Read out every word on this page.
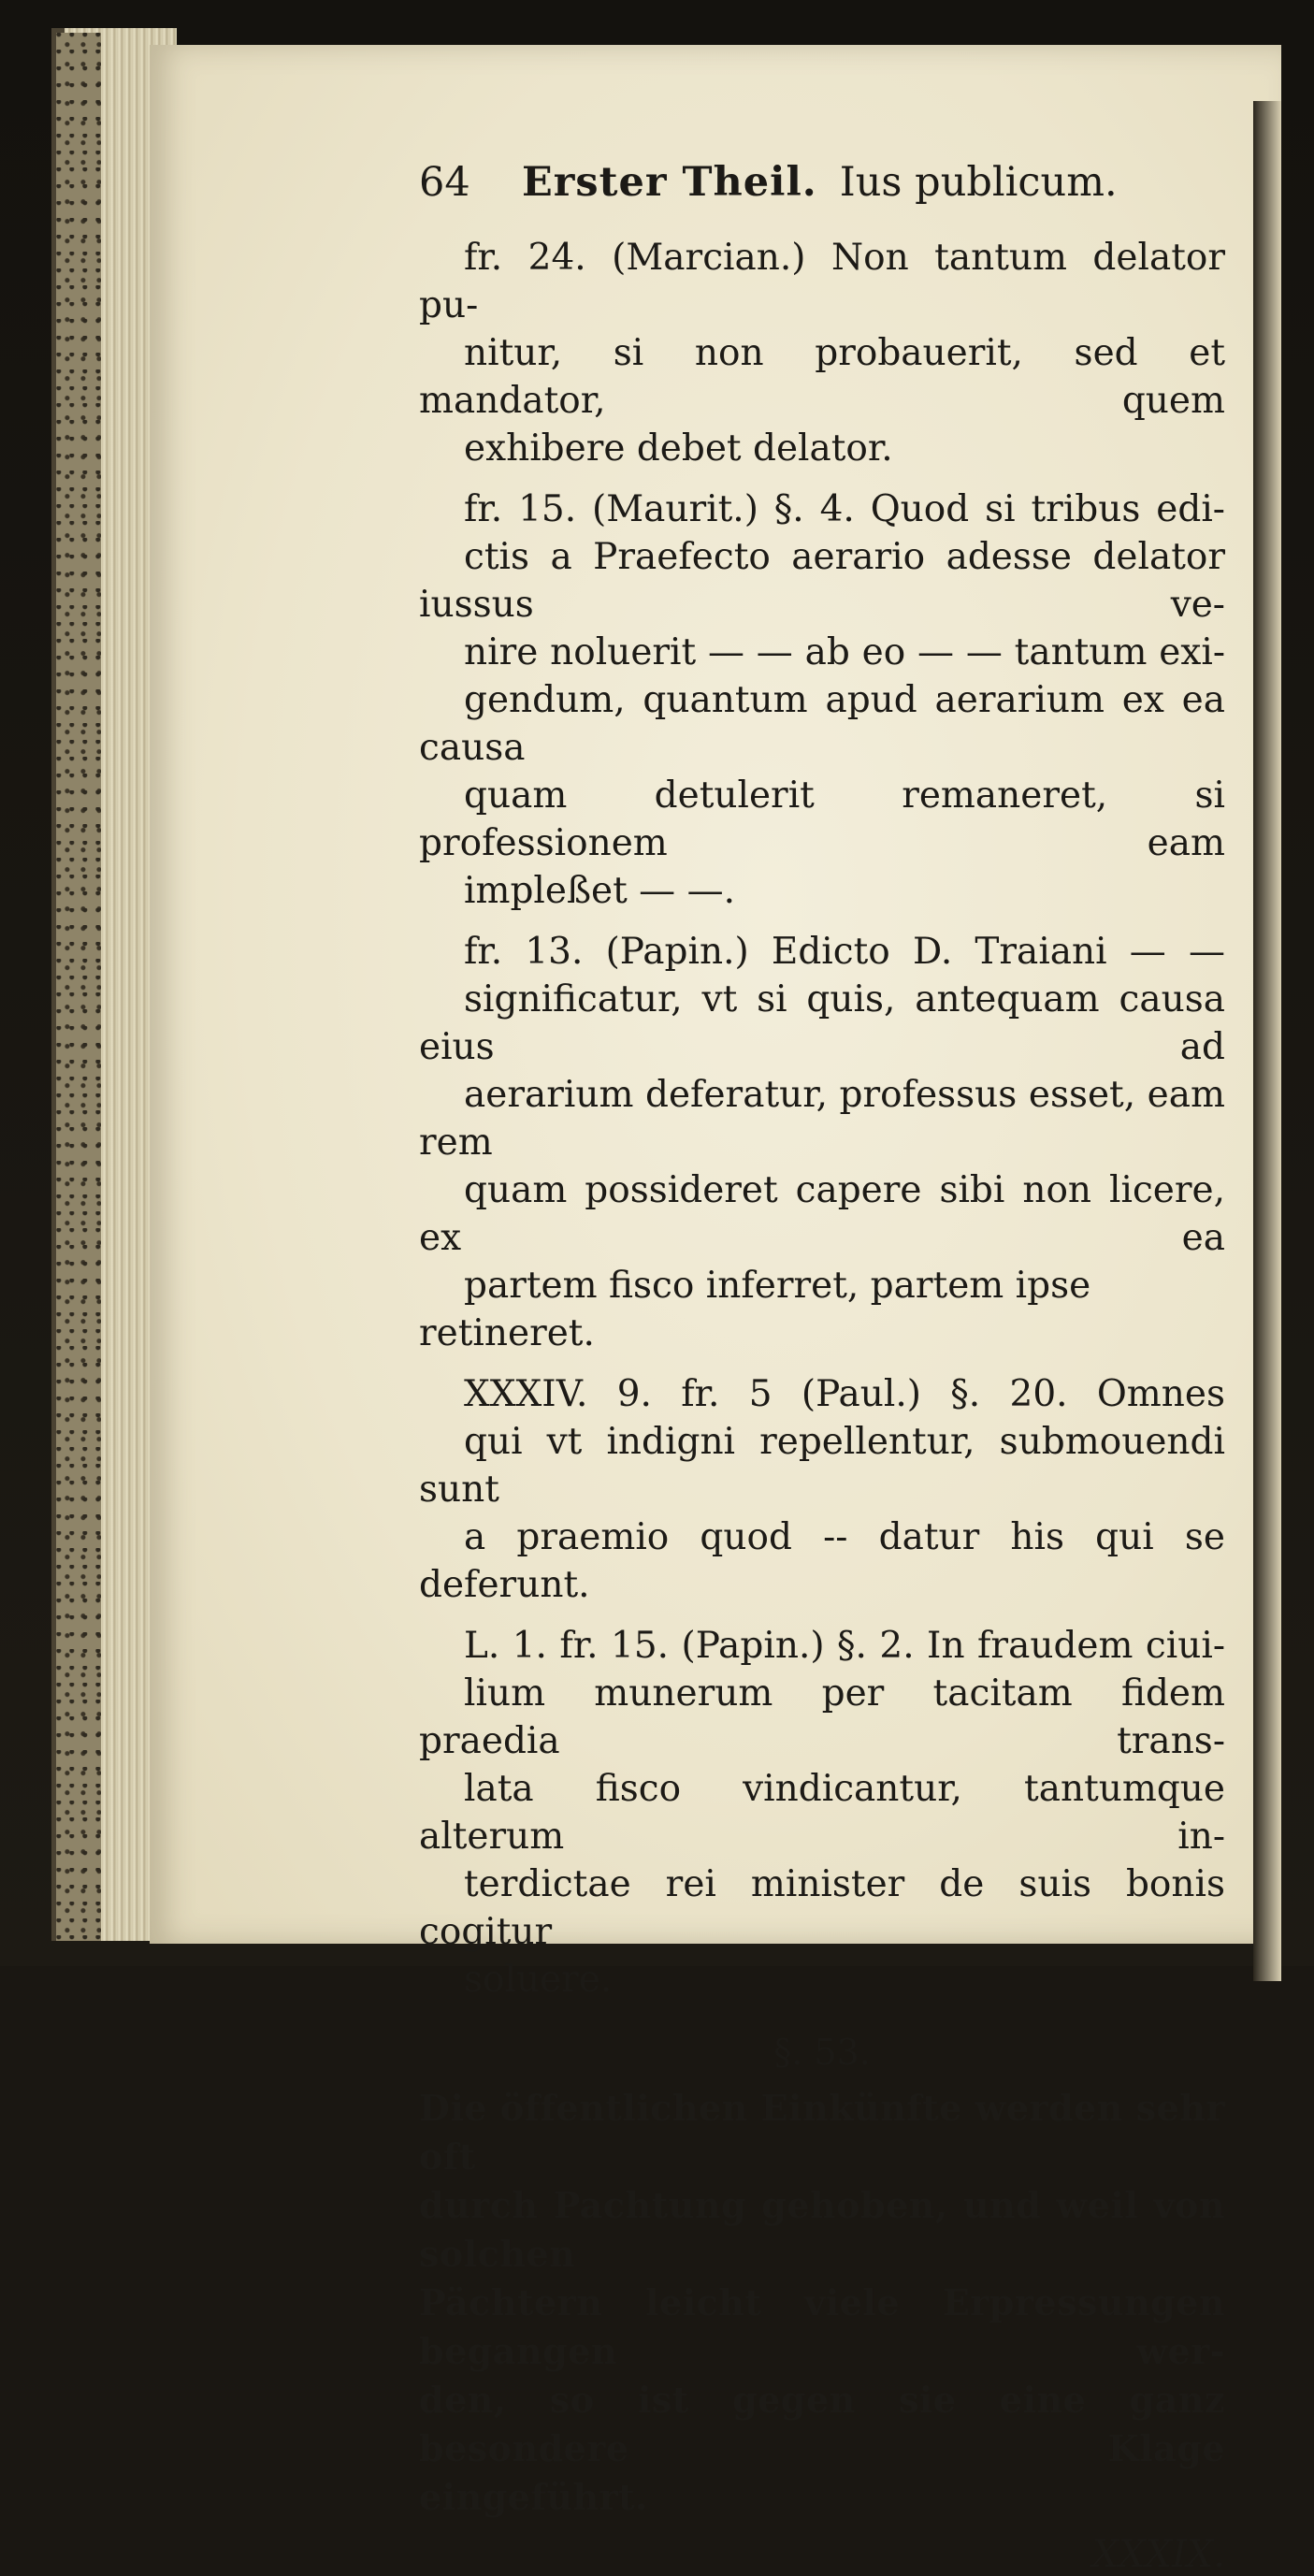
64	Erster Theil. Ius publicum.
fr. 24. (Marcian.) Non tantum delator pu-
nitur, si non probauerit, sed et mandator, quem
exhibere debet delator.
fr. 15. (Maurit.) §. 4. Quod si tribus edi-
ctis a Praefecto aerario adesse delator iussus ve-
nire noluerit — — ab eo — — tantum exi-
gendum, quantum apud aerarium ex ea causa
quam detulerit remaneret, si professionem eam
impleßet — —.
fr. 13. (Papin.) Edicto D. Traiani — —
significatur, vt si quis, antequam causa eius ad
aerarium deferatur, professus esset, eam rem
quam possideret capere sibi non licere, ex ea
partem fisco inferret, partem ipse retineret.
XXXIV. 9. fr. 5 (Paul.) §. 20. Omnes
qui vt indigni repellentur, submouendi sunt
a praemio quod -- datur his qui se deferunt.
L. 1. fr. 15. (Papin.) §. 2. In fraudem ciui-
lium munerum per tacitam fidem praedia trans-
lata fisco vindicantur, tantumque alterum in-
terdictae rei minister de suis bonis cogitur
soluere.
§. 53.
Die öffentlichen Einkünfte werden sehr oft
durch Pachtung gehoben, und weil von solchen
Pächtern leicht viele Erpressungen begangen wer-
den, so ist gegen sie eine ganz besondere Klage
eingeführt.
XXXIX.
